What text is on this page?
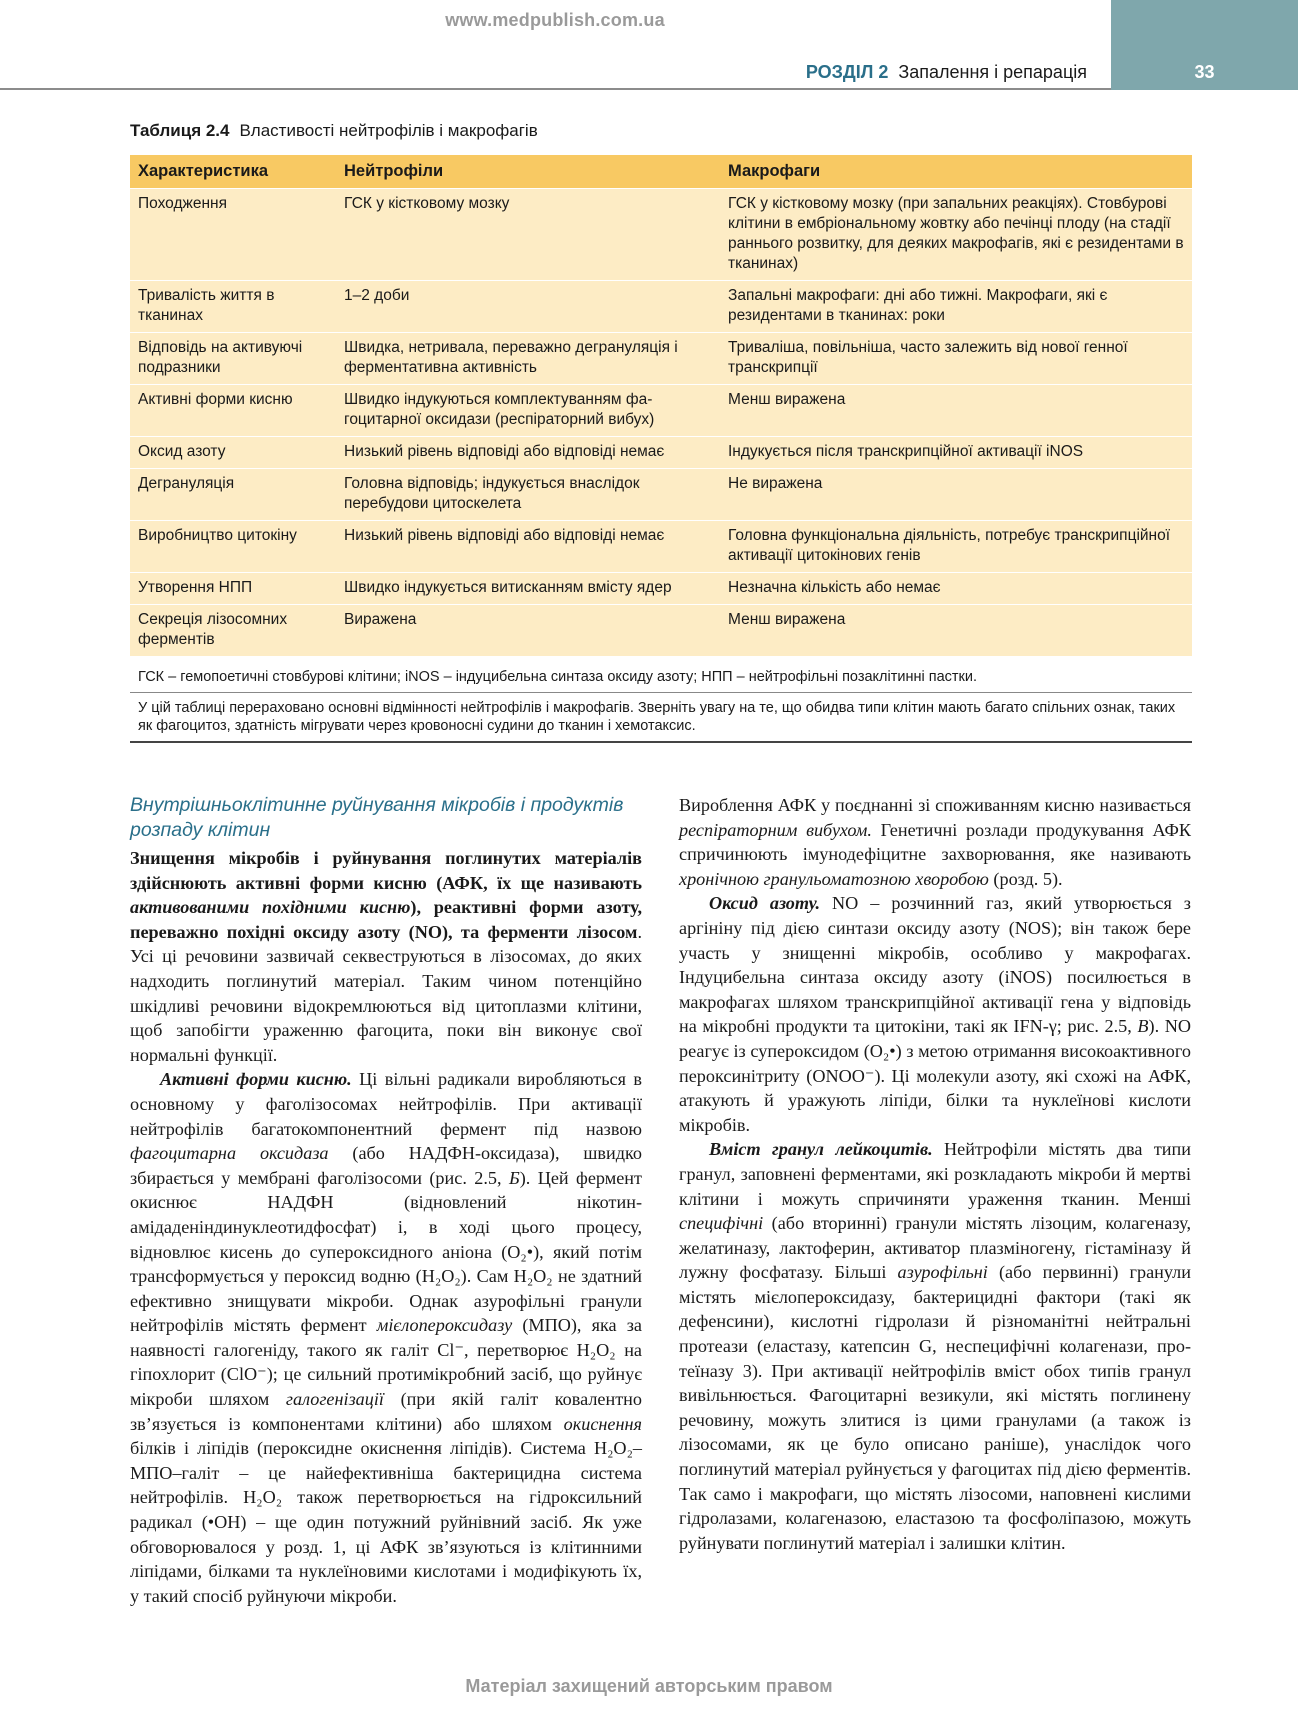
www.medpublish.com.ua
33
РОЗДІЛ 2 Запалення і репарація
Таблиця 2.4 Властивості нейтрофілів і макрофагів
Характеристика	Нейтрофіли	Макрофаги
Походження	ГСК у кістковому мозку	ГСК у кістковому мозку (при запальних реакціях). Стовбурові клітини в ембріональному жовтку або печінці плоду (на стадії раннього розвитку, для деяких макрофагів, які є резидентами в тканинах)
Тривалість життя в тканинах	1–2 доби	Запальні макрофаги: дні або тижні. Макрофаги, які є резидентами в тканинах: роки
Відповідь на активуючі подразники	Швидка, нетривала, переважно дегрануляція і ферментативна активність	Триваліша, повільніша, часто залежить від нової генної транскрипції
Активні форми кисню	Швидко індукуються комплектуванням фагоцитарної оксидази (респіраторний вибух)	Менш виражена
Оксид азоту	Низький рівень відповіді або відповіді немає	Індукується після транскрипційної активації iNOS
Дегрануляція	Головна відповідь; індукується внаслідок перебудови цитоскелета	Не виражена
Виробництво цитокіну	Низький рівень відповіді або відповіді немає	Головна функціональна діяльність, потребує транскрипційної активації цитокінових генів
Утворення НПП	Швидко індукується витисканням вмісту ядер	Незначна кількість або немає
Секреція лізосомних ферментів	Виражена	Менш виражена
ГСК – гемопоетичні стовбурові клітини; iNOS – індуцибельна синтаза оксиду азоту; НПП – нейтрофільні позаклітинні пастки.
У цій таблиці перераховано основні відмінності нейтрофілів і макрофагів. Зверніть увагу на те, що обидва типи клітин мають багато спільних ознак, таких як фагоцитоз, здатність мігрувати через кровоносні судини до тканин і хемотаксис.
Внутрішньоклітинне руйнування мікробів і продуктів розпаду клітин

Знищення мікробів і руйнування поглинутих матеріалів здійснюють активні форми кисню (АФК, їх ще називають активованими похідними кисню), реактивні форми азоту, переважно похідні оксиду азоту (NO), та ферменти лізосом. Усі ці речовини зазвичай секвеструються в лізосомах, до яких надходить поглинутий матеріал. Таким чином потенційно шкідливі речовини відокремлюються від цитоплазми клітини, щоб запобігти ураженню фагоцита, поки він виконує свої нормальні функції.

Активні форми кисню. Ці вільні радикали виробляються в основному у фаголізосомах нейтрофілів. При активації нейтрофілів багатокомпонентний фермент під назвою фагоцитарна оксидаза (або НАДФН-оксидаза), швидко збирається у мембрані фаголізосоми (рис. 2.5, Б). Цей фермент окиснює НАДФН (відновлений нікотинамідаденіндинуклеотидфосфат) і, в ході цього процесу, відновлює кисень до супероксидного аніона (O₂•), який потім трансформується у пероксид водню (H₂O₂). Сам H₂O₂ не здатний ефективно знищувати мікроби. Однак азурофільні гранули нейтрофілів містять фермент мієлопероксидазу (МПО), яка за наявності галогеніду, такого як галіт Cl⁻, перетворює H₂O₂ на гіпохлорит (ClO⁻); це сильний протимікробний засіб, що руйнує мікроби шляхом галогенізації (при якій галіт ковалентно зв’язується із компонентами клітини) або шляхом окиснення білків і ліпідів (пероксидне окиснення ліпідів). Система H₂O₂–МПО–галіт – це найефективніша бактерицидна система нейтрофілів. H₂O₂ також перетворюється на гідроксильний радикал (•OH) – ще один потужний руйнівний засіб. Як уже обговорювалося у розд. 1, ці АФК зв’язуються із клітинними ліпідами, білками та нуклеїновими кислотами і модифікують їх, у такий спосіб руйнуючи мікроби.

Вироблення АФК у поєднанні зі споживанням кисню називається респіраторним вибухом. Генетичні розлади продукування АФК спричинюють імунодефіцитне захворювання, яке називають хронічною гранульоматозною хворобою (розд. 5).

Оксид азоту. NO – розчинний газ, який утворюється з аргініну під дією синтази оксиду азоту (NOS); він також бере участь у знищенні мікробів, особливо у макрофагах. Індуцибельна синтаза оксиду азоту (iNOS) посилюється в макрофагах шляхом транскрипційної активації гена у відповідь на мікробні продукти та цитокіни, такі як IFN-γ; рис. 2.5, В). NO реагує із супероксидом (O₂•) з метою отримання високоактивного пероксинітриту (ONOO⁻). Ці молекули азоту, які схожі на АФК, атакують й уражують ліпіди, білки та нуклеїнові кислоти мікробів.

Вміст гранул лейкоцитів. Нейтрофіли містять два типи гранул, заповнені ферментами, які розкладають мікроби й мертві клітини і можуть спричиняти ураження тканин. Менші специфічні (або вторинні) гранули містять лізоцим, колагеназу, желатиназу, лактоферин, активатор плазміногену, гістаміназу й лужну фосфатазу. Більші азурофільні (або первинні) гранули містять мієлопероксидазу, бактерицидні фактори (такі як дефенсини), кислотні гідролази й різноманітні нейтральні протеази (еластазу, катепсин G, неспецифічні колагенази, протеїназу 3). При активації нейтрофілів вміст обох типів гранул вивільнюється. Фагоцитарні везикули, які містять поглинену речовину, можуть злитися із цими гранулами (а також із лізосомами, як це було описано раніше), унаслідок чого поглинутий матеріал руйнується у фагоцитах під дією ферментів. Так само і макрофаги, що містять лізосоми, наповнені кислими гідролазами, колагеназою, еластазою та фосфоліпазою, можуть руйнувати поглинутий матеріал і залишки клітин.

Матеріал захищений авторським правом
